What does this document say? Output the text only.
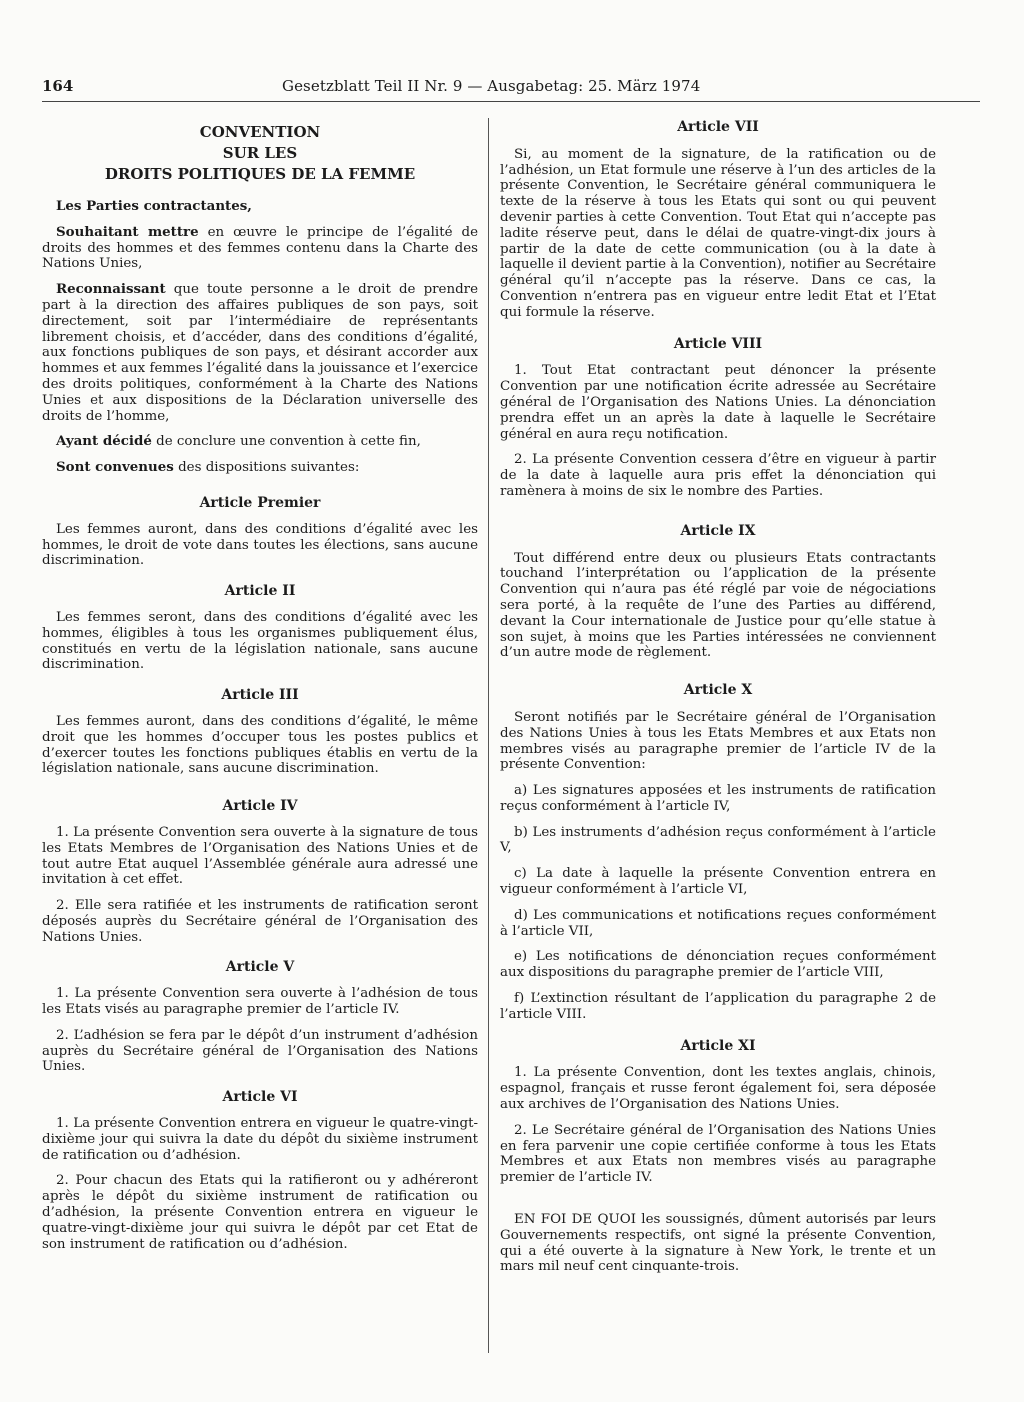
164	Gesetzblatt Teil II Nr. 9 — Ausgabetag: 25. März 1974
CONVENTION
SUR LES
DROITS POLITIQUES DE LA FEMME

Les Parties contractantes,

Souhaitant mettre en œuvre le principe de l’égalité de droits des hommes et des femmes contenu dans la Charte des Nations Unies,

Reconnaissant que toute personne a le droit de prendre part à la direction des affaires publiques de son pays, soit directement, soit par l’intermédiaire de représentants librement choisis, et d’accéder, dans des conditions d’égalité, aux fonctions publiques de son pays, et désirant accorder aux hommes et aux femmes l’égalité dans la jouissance et l’exercice des droits politiques, conformément à la Charte des Nations Unies et aux dispositions de la Déclaration universelle des droits de l’homme,

Ayant décidé de conclure une convention à cette fin,

Sont convenues des dispositions suivantes:

Article Premier

Les femmes auront, dans des conditions d’égalité avec les hommes, le droit de vote dans toutes les élections, sans aucune discrimination.

Article II

Les femmes seront, dans des conditions d’égalité avec les hommes, éligibles à tous les organismes publiquement élus, constitués en vertu de la législation nationale, sans aucune discrimination.

Article III

Les femmes auront, dans des conditions d’égalité, le même droit que les hommes d’occuper tous les postes publics et d’exercer toutes les fonctions publiques établis en vertu de la législation nationale, sans aucune discrimination.

Article IV

1. La présente Convention sera ouverte à la signature de tous les Etats Membres de l’Organisation des Nations Unies et de tout autre Etat auquel l’Assemblée générale aura adressé une invitation à cet effet.

2. Elle sera ratifiée et les instruments de ratification seront déposés auprès du Secrétaire général de l’Organisation des Nations Unies.

Article V

1. La présente Convention sera ouverte à l’adhésion de tous les Etats visés au paragraphe premier de l’article IV.

2. L’adhésion se fera par le dépôt d’un instrument d’adhésion auprès du Secrétaire général de l’Organisation des Nations Unies.

Article VI

1. La présente Convention entrera en vigueur le quatre-vingt-dixième jour qui suivra la date du dépôt du sixième instrument de ratification ou d’adhésion.

2. Pour chacun des Etats qui la ratifieront ou y adhéreront après le dépôt du sixième instrument de ratification ou d’adhésion, la présente Convention entrera en vigueur le quatre-vingt-dixième jour qui suivra le dépôt par cet Etat de son instrument de ratification ou d’adhésion.

Article VII

Si, au moment de la signature, de la ratification ou de l’adhésion, un Etat formule une réserve à l’un des articles de la présente Convention, le Secrétaire général communiquera le texte de la réserve à tous les Etats qui sont ou qui peuvent devenir parties à cette Convention. Tout Etat qui n’accepte pas ladite réserve peut, dans le délai de quatre-vingt-dix jours à partir de la date de cette communication (ou à la date à laquelle il devient partie à la Convention), notifier au Secrétaire général qu’il n’accepte pas la réserve. Dans ce cas, la Convention n’entrera pas en vigueur entre ledit Etat et l’Etat qui formule la réserve.

Article VIII

1. Tout Etat contractant peut dénoncer la présente Convention par une notification écrite adressée au Secrétaire général de l’Organisation des Nations Unies. La dénonciation prendra effet un an après la date à laquelle le Secrétaire général en aura reçu notification.

2. La présente Convention cessera d’être en vigueur à partir de la date à laquelle aura pris effet la dénonciation qui ramènera à moins de six le nombre des Parties.

Article IX

Tout différend entre deux ou plusieurs Etats contractants touchand l’interprétation ou l’application de la présente Convention qui n’aura pas été réglé par voie de négociations sera porté, à la requête de l’une des Parties au différend, devant la Cour internationale de Justice pour qu’elle statue à son sujet, à moins que les Parties intéressées ne conviennent d’un autre mode de règlement.

Article X

Seront notifiés par le Secrétaire général de l’Organisation des Nations Unies à tous les Etats Membres et aux Etats non membres visés au paragraphe premier de l’article IV de la présente Convention:

a) Les signatures apposées et les instruments de ratification reçus conformément à l’article IV,

b) Les instruments d’adhésion reçus conformément à l’article V,

c) La date à laquelle la présente Convention entrera en vigueur conformément à l’article VI,

d) Les communications et notifications reçues conformément à l’article VII,

e) Les notifications de dénonciation reçues conformément aux dispositions du paragraphe premier de l’article VIII,

f) L’extinction résultant de l’application du paragraphe 2 de l’article VIII.

Article XI

1. La présente Convention, dont les textes anglais, chinois, espagnol, français et russe feront également foi, sera déposée aux archives de l’Organisation des Nations Unies.

2. Le Secrétaire général de l’Organisation des Nations Unies en fera parvenir une copie certifiée conforme à tous les Etats Membres et aux Etats non membres visés au paragraphe premier de l’article IV.

EN FOI DE QUOI les soussignés, dûment autorisés par leurs Gouvernements respectifs, ont signé la présente Convention, qui a été ouverte à la signature à New York, le trente et un mars mil neuf cent cinquante-trois.
